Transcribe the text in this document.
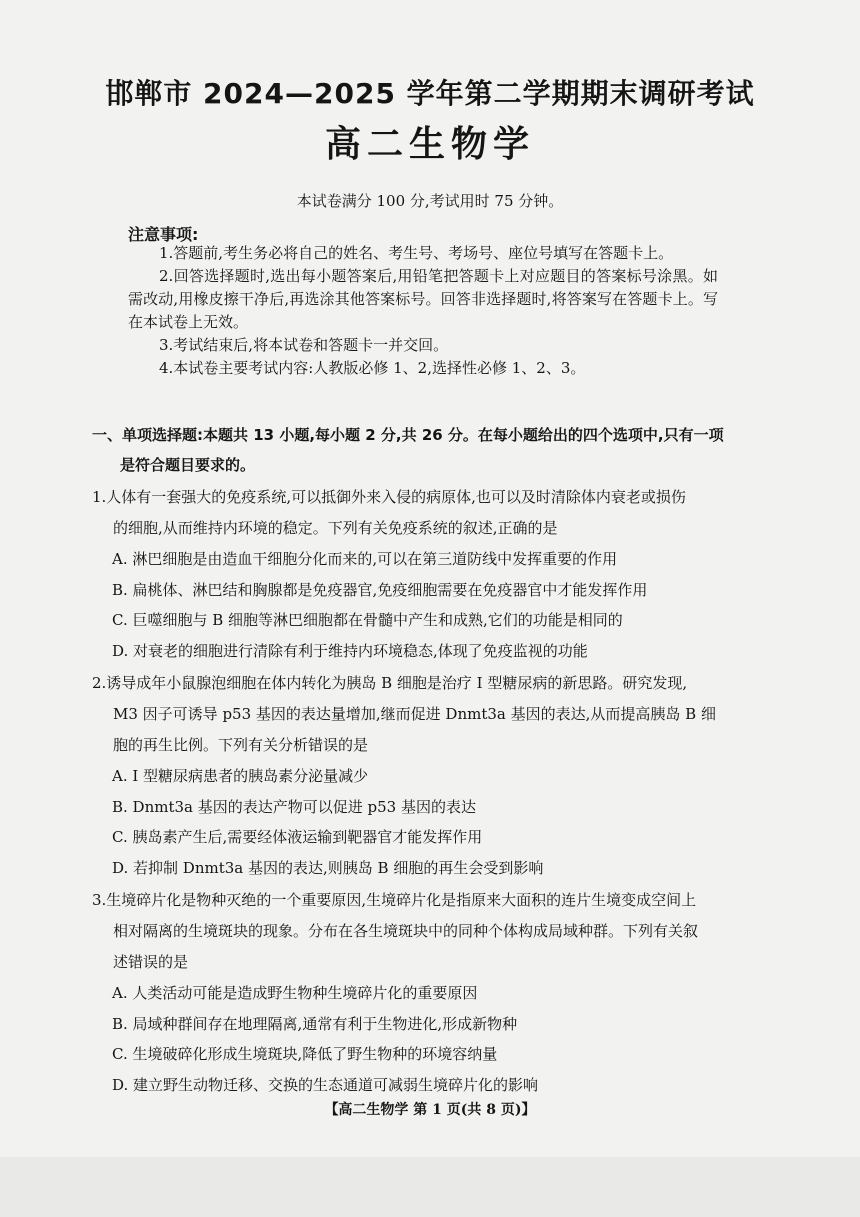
邯郸市 2024—2025 学年第二学期期末调研考试
高二生物学
本试卷满分 100 分,考试用时 75 分钟。
注意事项:

1.答题前,考生务必将自己的姓名、考生号、考场号、座位号填写在答题卡上。

2.回答选择题时,选出每小题答案后,用铅笔把答题卡上对应题目的答案标号涂黑。如需改动,用橡皮擦干净后,再选涂其他答案标号。回答非选择题时,将答案写在答题卡上。写在本试卷上无效。

3.考试结束后,将本试卷和答题卡一并交回。

4.本试卷主要考试内容:人教版必修 1、2,选择性必修 1、2、3。

一、单项选择题:本题共 13 小题,每小题 2 分,共 26 分。在每小题给出的四个选项中,只有一项
是符合题目要求的。
1.人体有一套强大的免疫系统,可以抵御外来入侵的病原体,也可以及时清除体内衰老或损伤
的细胞,从而维持内环境的稳定。下列有关免疫系统的叙述,正确的是
A. 淋巴细胞是由造血干细胞分化而来的,可以在第三道防线中发挥重要的作用
B. 扁桃体、淋巴结和胸腺都是免疫器官,免疫细胞需要在免疫器官中才能发挥作用
C. 巨噬细胞与 B 细胞等淋巴细胞都在骨髓中产生和成熟,它们的功能是相同的
D. 对衰老的细胞进行清除有利于维持内环境稳态,体现了免疫监视的功能
2.诱导成年小鼠腺泡细胞在体内转化为胰岛 B 细胞是治疗 Ⅰ 型糖尿病的新思路。研究发现,
M3 因子可诱导 p53 基因的表达量增加,继而促进 Dnmt3a 基因的表达,从而提高胰岛 B 细
胞的再生比例。下列有关分析错误的是
A. Ⅰ 型糖尿病患者的胰岛素分泌量减少
B. Dnmt3a 基因的表达产物可以促进 p53 基因的表达
C. 胰岛素产生后,需要经体液运输到靶器官才能发挥作用
D. 若抑制 Dnmt3a 基因的表达,则胰岛 B 细胞的再生会受到影响
3.生境碎片化是物种灭绝的一个重要原因,生境碎片化是指原来大面积的连片生境变成空间上
相对隔离的生境斑块的现象。分布在各生境斑块中的同种个体构成局域种群。下列有关叙
述错误的是
A. 人类活动可能是造成野生物种生境碎片化的重要原因
B. 局域种群间存在地理隔离,通常有利于生物进化,形成新物种
C. 生境破碎化形成生境斑块,降低了野生物种的环境容纳量
D. 建立野生动物迁移、交换的生态通道可减弱生境碎片化的影响
【高二生物学 第 1 页(共 8 页)】
